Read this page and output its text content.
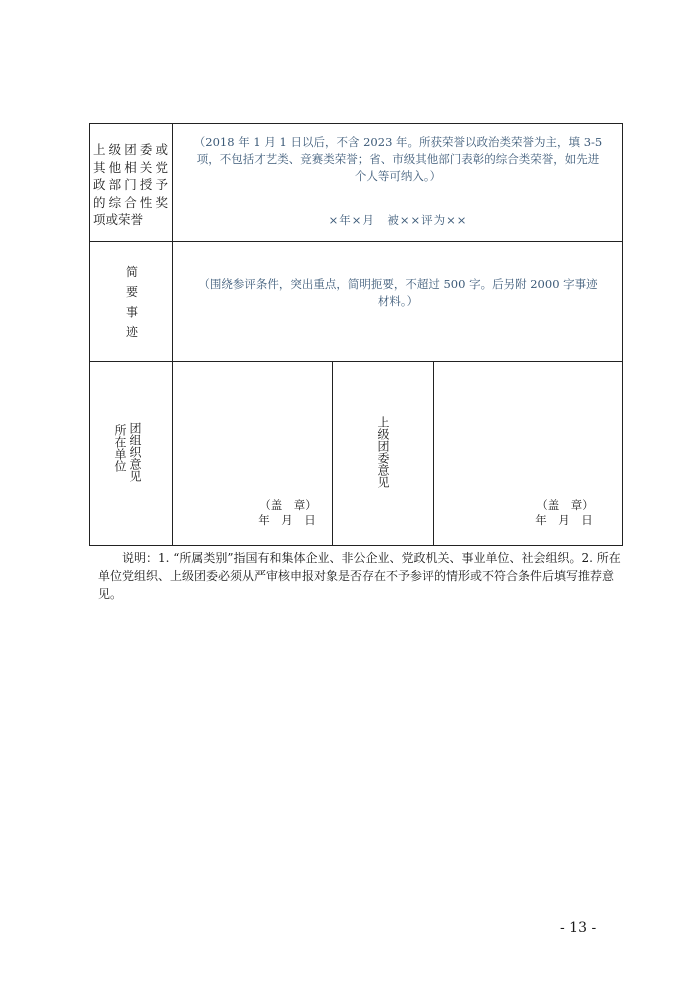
上级团委或
其他相关党
政部门授予
的综合性奖
项或荣誉
（2018 年 1 月 1 日以后，不含 2023 年。所获荣誉以政治类荣誉为主，填 3-5
项，不包括才艺类、竞赛类荣誉；省、市级其他部门表彰的综合类荣誉，如先进
个人等可纳入。）
×年×月　被××评为××
简
要
事
迹
（围绕参评条件，突出重点，简明扼要，不超过 500 字。后另附 2000 字事迹
材料。）
所在单位 团组织意见	上级团委意见
（盖　章）
年　月　日
（盖　章）
年　月　日
说明：1. “所属类别”指国有和集体企业、非公企业、党政机关、事业单位、社会组织。2. 所在单位党组织、上级团委必须从严审核申报对象是否存在不予参评的情形或不符合条件后填写推荐意见。
- 13 -
